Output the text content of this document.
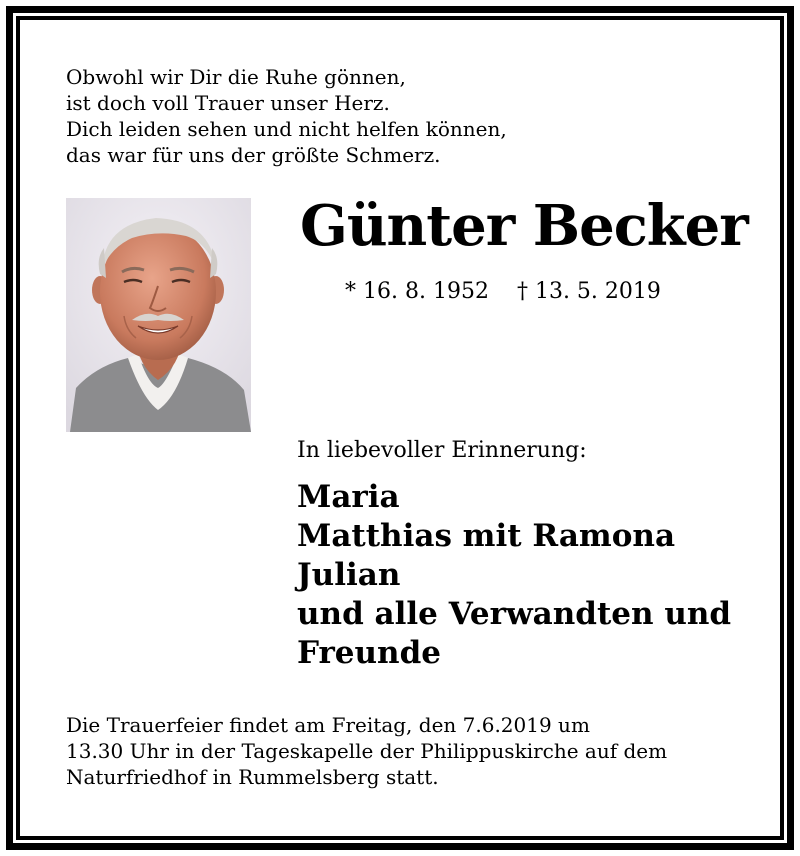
Obwohl wir Dir die Ruhe gönnen,
ist doch voll Trauer unser Herz.
Dich leiden sehen und nicht helfen können,
das war für uns der größte Schmerz.
Günter Becker
* 16. 8. 1952 † 13. 5. 2019
In liebevoller Erinnerung:
Maria
Matthias mit Ramona
Julian
und alle Verwandten und
Freunde
Die Trauerfeier findet am Freitag, den 7.6.2019 um
13.30 Uhr in der Tageskapelle der Philippuskirche auf dem
Naturfriedhof in Rummelsberg statt.
